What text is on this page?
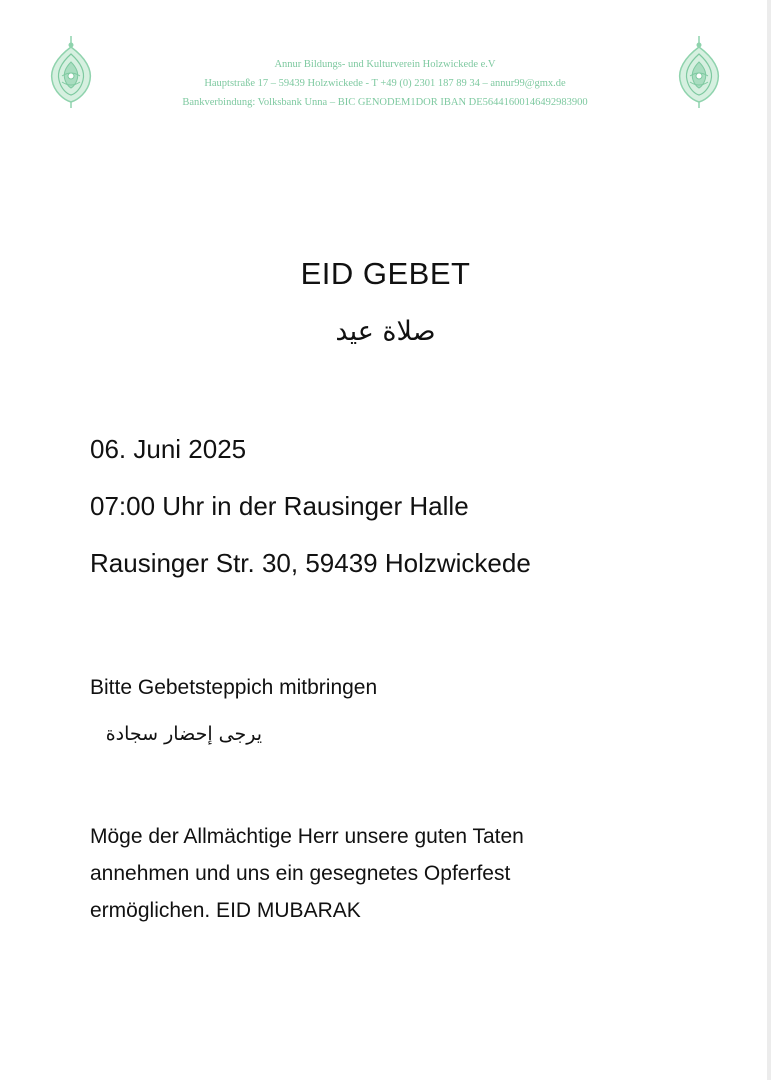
Annur Bildungs- und Kulturverein Holzwickede e.V
Hauptstraße 17 – 59439 Holzwickede - T +49 (0) 2301 187 89 34 – annur99@gmx.de
Bankverbindung: Volksbank Unna – BIC GENODEM1DOR IBAN DE56441600146492983900
EID GEBET
صلاة عيد
06. Juni 2025
07:00 Uhr in der Rausinger Halle
Rausinger Str. 30, 59439 Holzwickede
Bitte Gebetsteppich mitbringen
يرجى إحضار سجادة
Möge der Allmächtige Herr unsere guten Taten
annehmen und uns ein gesegnetes Opferfest
ermöglichen. EID MUBARAK
